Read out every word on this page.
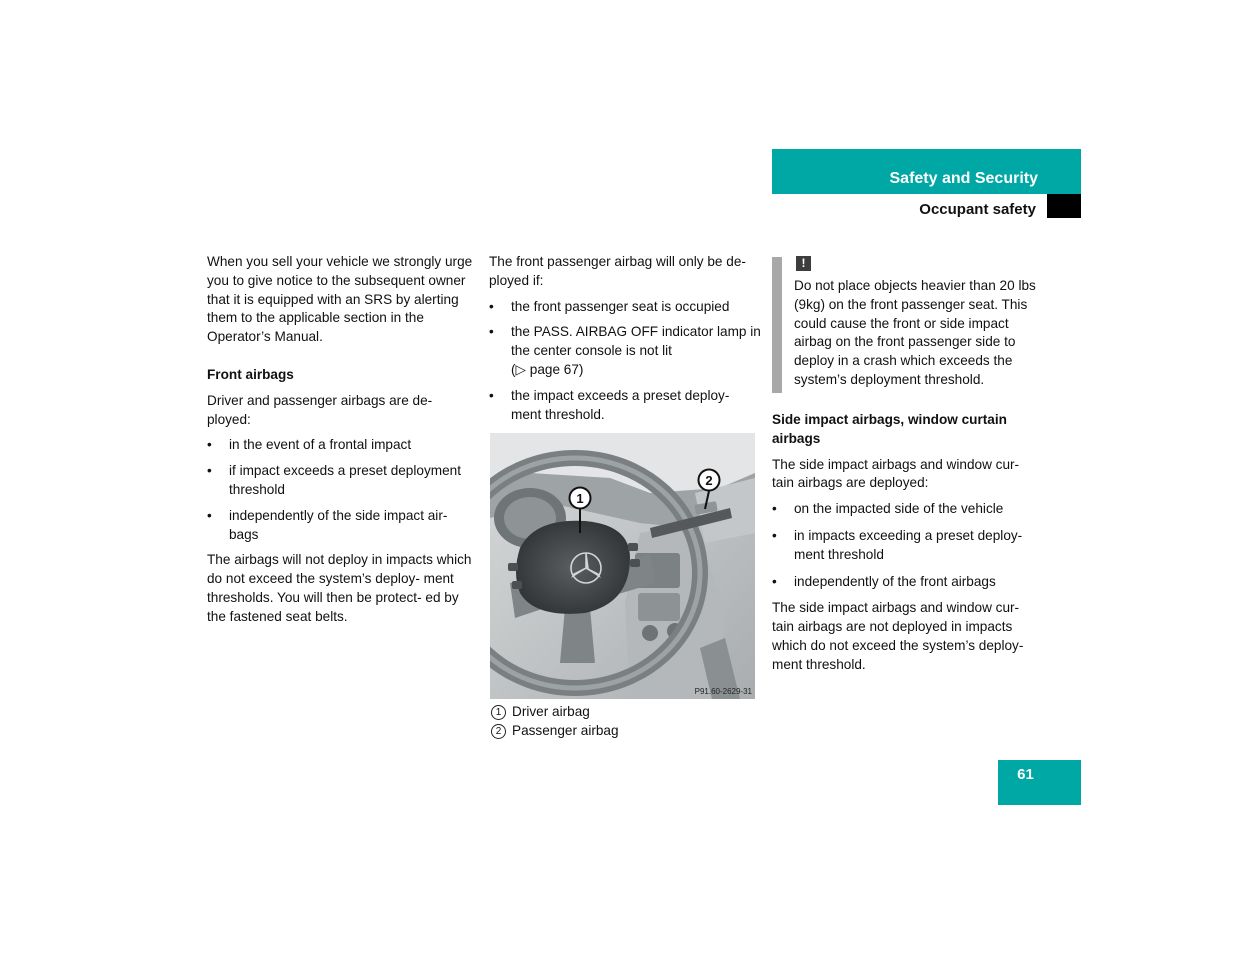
Safety and Security
Occupant safety

When you sell your vehicle we strongly urge you to give notice to the subsequent owner that it is equipped with an SRS by alerting them to the applicable section in the Operator’s Manual.

Front airbags

Driver and passenger airbags are de- ployed:

• in the event of a frontal impact
• if impact exceeds a preset deployment threshold
• independently of the side impact air- bags

The airbags will not deploy in impacts which do not exceed the system’s deploy- ment thresholds. You will then be protect- ed by the fastened seat belts.

The front passenger airbag will only be de- ployed if:

• the front passenger seat is occupied
• the PASS. AIRBAG OFF indicator lamp in the center console is not lit
(▷ page 67)
• the impact exceeds a preset deploy- ment threshold.
1
2
P91.60-2629-31
1 Driver airbag
2 Passenger airbag
!

Do not place objects heavier than 20 lbs (9kg) on the front passenger seat. This could cause the front or side impact airbag on the front passenger side to deploy in a crash which exceeds the system’s deployment threshold.

Side impact airbags, window curtain airbags

The side impact airbags and window cur- tain airbags are deployed:

• on the impacted side of the vehicle
• in impacts exceeding a preset deploy- ment threshold
• independently of the front airbags

The side impact airbags and window cur- tain airbags are not deployed in impacts which do not exceed the system’s deploy- ment threshold.

61
